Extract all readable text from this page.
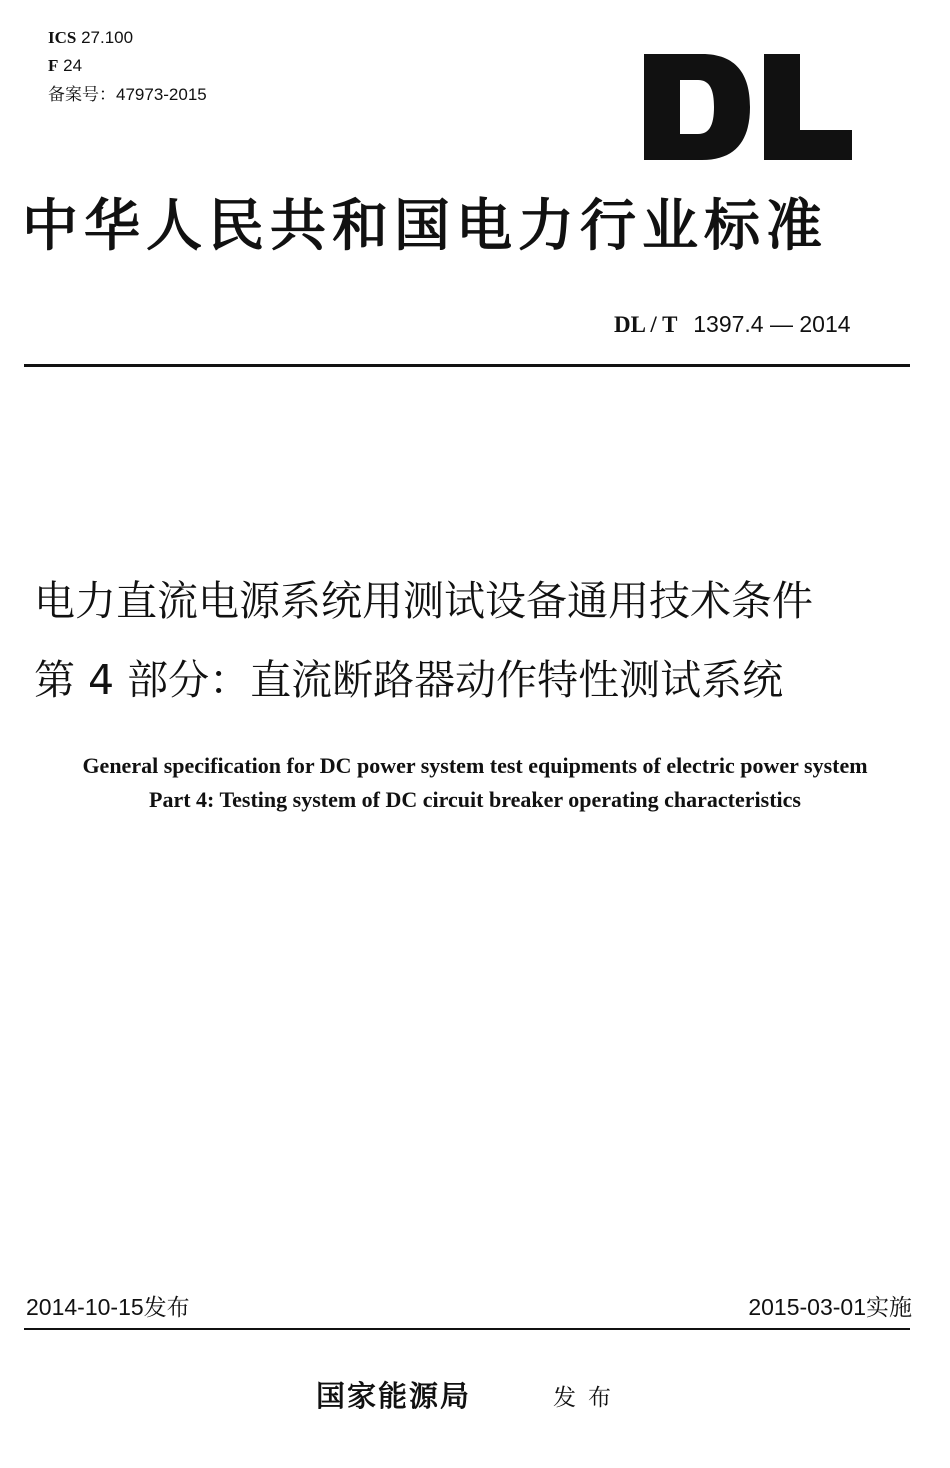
ICS 27.100
F 24
备案号：47973-2015
中华人民共和国电力行业标准
DL / T 1397.4 — 2014
电力直流电源系统用测试设备通用技术条件
第 4 部分：直流断路器动作特性测试系统
General specification for DC power system test equipments of electric power system
Part 4: Testing system of DC circuit breaker operating characteristics
2014-10-15发布	2015-03-01实施
国家能源局	发布
